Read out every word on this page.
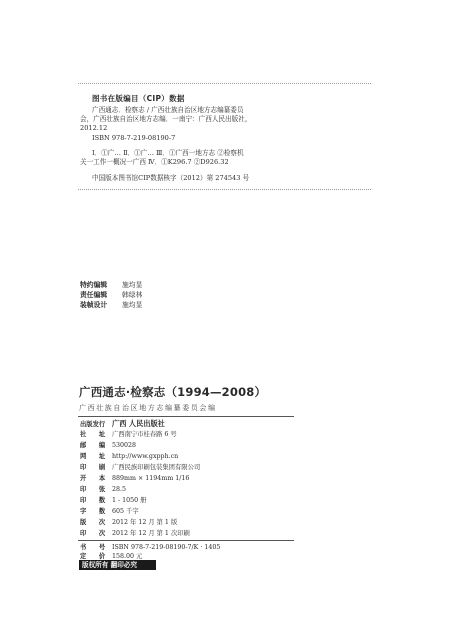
图书在版编目（CIP）数据
广西通志．检察志 / 广西壮族自治区地方志编纂委员
会，广西壮族自治区地方志编．一南宁：广西人民出版社，
2012.12
ISBN 978-7-219-08190-7
Ⅰ．①广… Ⅱ．①广… Ⅲ．①广西一地方志 ②检察机
关一工作一概况一广西 Ⅳ．①K296.7 ②D926.32
中国版本图书馆CIP数据核字（2012）第 274543 号
特约编辑 施均显
责任编辑 韩绿林
装帧设计 施均显
广西通志·检察志（1994—2008）
广西壮族自治区地方志编纂委员会编
出版发行 广西 人民出版社
社　　址 广西南宁市桂春路 6 号
邮　　编 530028
网　　址 http://www.gxpph.cn
印　　刷 广西民族印刷包装集团有限公司
开　　本 889mm × 1194mm 1/16
印　　张 28.5
印　　数 1 - 1050 册
字　　数 605 千字
版　　次 2012 年 12 月 第 1 版
印　　次 2012 年 12 月 第 1 次印刷
书　　号 ISBN 978-7-219-08190-7/K · 1405
定　　价 158.00 元
版权所有 翻印必究
